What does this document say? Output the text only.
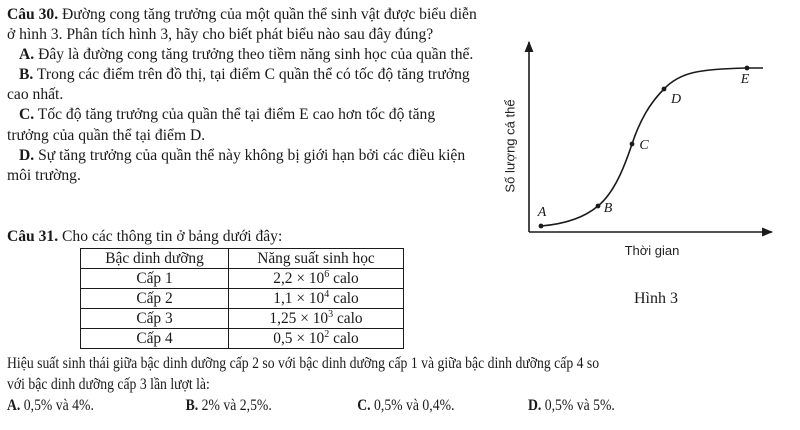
Câu 30. Đường cong tăng trưởng của một quần thể sinh vật được biểu diễn ở hình 3. Phân tích hình 3, hãy cho biết phát biểu nào sau đây đúng?

A. Đây là đường cong tăng trưởng theo tiềm năng sinh học của quần thể.

B. Trong các điểm trên đồ thị, tại điểm C quần thể có tốc độ tăng trưởng cao nhất.

C. Tốc độ tăng trưởng của quần thể tại điểm E cao hơn tốc độ tăng trưởng của quần thể tại điểm D.

D. Sự tăng trưởng của quần thể này không bị giới hạn bởi các điều kiện môi trường.

Câu 31. Cho các thông tin ở bảng dưới đây:
Bậc dinh dưỡng	Năng suất sinh học
Cấp 1	$2,2 \times 10^6$ calo
Cấp 2	$1,1 \times 10^4$ calo
Cấp 3	$1,25 \times 10^3$ calo
Cấp 4	$0,5 \times 10^2$ calo

Hiệu suất sinh thái giữa bậc dinh dưỡng cấp 2 so với bậc dinh dưỡng cấp 1 và giữa bậc dinh dưỡng cấp 4 so

với bậc dinh dưỡng cấp 3 lần lượt là:

A. 0,5% và 4%.	B. 2% và 2,5%.	C. 0,5% và 0,4%.	D. 0,5% và 5%.
A	B
C
D
E
Số lượng cá thể
Thời gian
Hình 3
